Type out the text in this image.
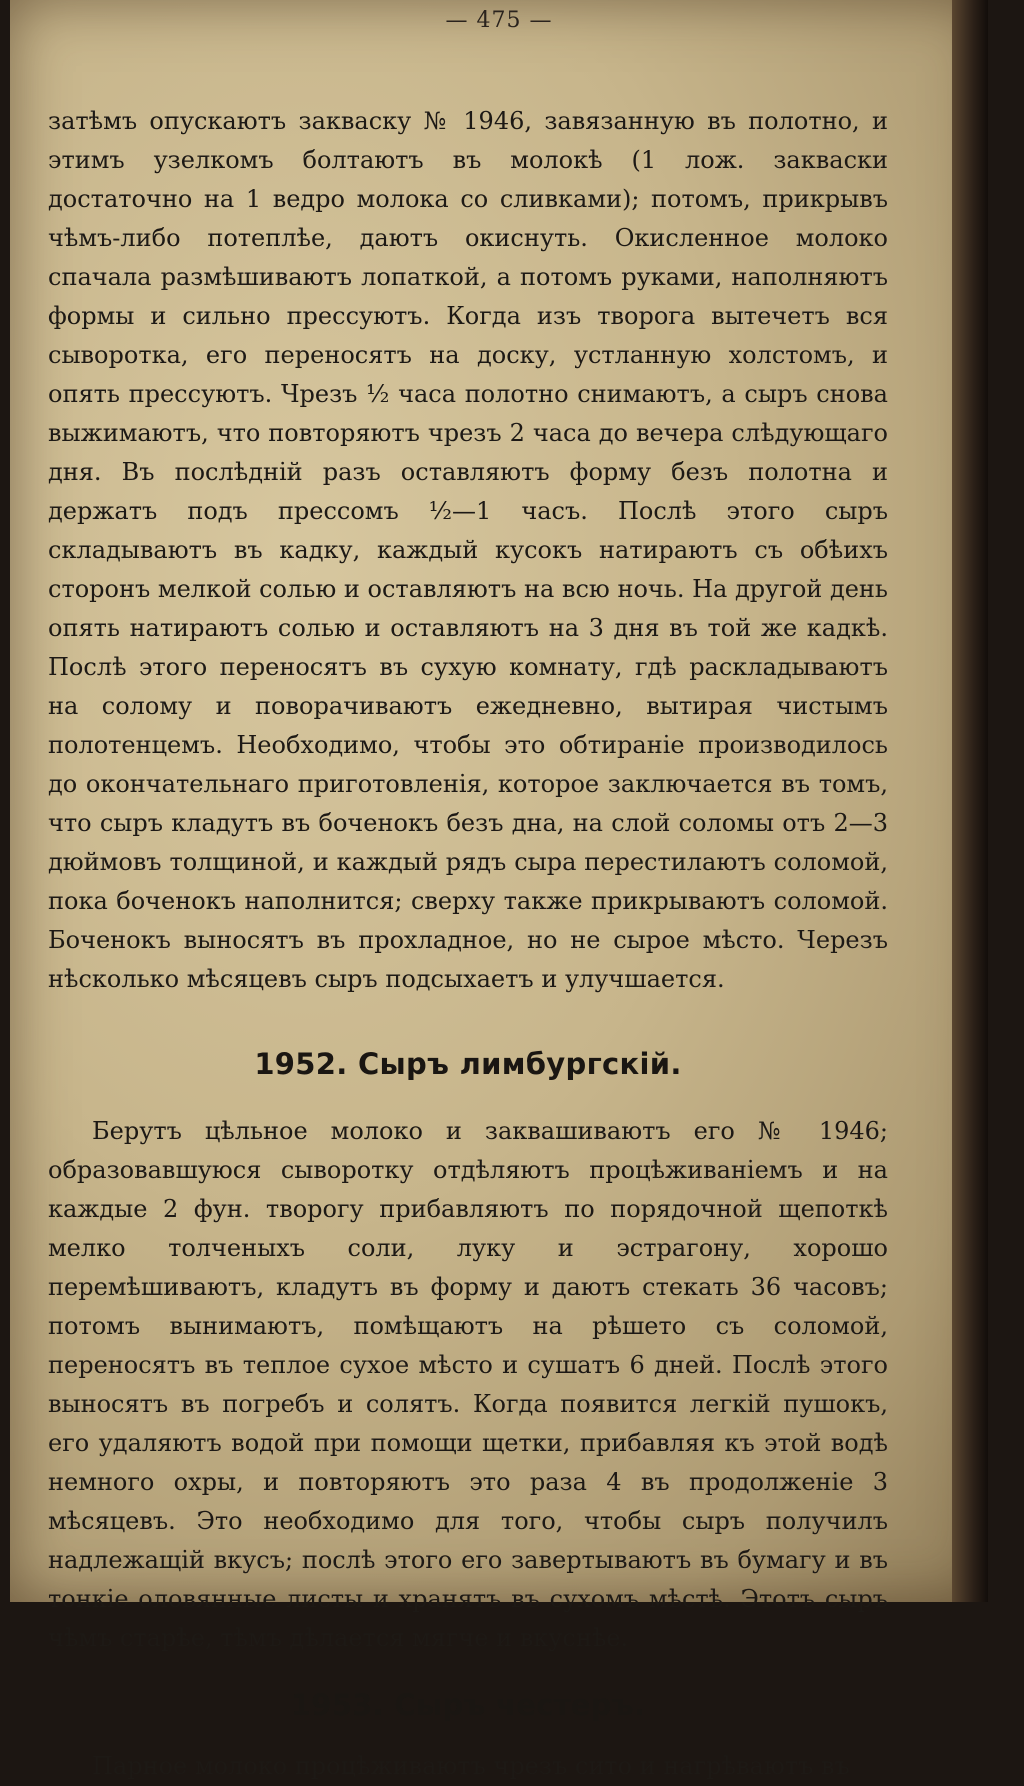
— 475 —

затѣмъ опускаютъ закваску № 1946, завязанную въ полотно, и этимъ узелкомъ болтаютъ въ молокѣ (1 лож. закваски достаточно на 1 ведро молока со сливками); потомъ, прикрывъ чѣмъ-либо потеплѣе, даютъ окиснуть. Окисленное молоко спачала размѣшиваютъ лопаткой, а потомъ руками, наполняютъ формы и сильно прессуютъ. Когда изъ творога вытечетъ вся сыворотка, его переносятъ на доску, устланную холстомъ, и опять прессуютъ. Чрезъ ½ часа полотно снимаютъ, а сыръ снова выжимаютъ, что повторяютъ чрезъ 2 часа до вечера слѣдующаго дня. Въ послѣдній разъ оставляютъ форму безъ полотна и держатъ подъ прессомъ ½—1 часъ. Послѣ этого сыръ складываютъ въ кадку, каждый кусокъ натираютъ съ обѣихъ сторонъ мелкой солью и оставляютъ на всю ночь. На другой день опять натираютъ солью и оставляютъ на 3 дня въ той же кадкѣ. Послѣ этого переносятъ въ сухую комнату, гдѣ раскладываютъ на солому и поворачиваютъ ежедневно, вытирая чистымъ полотенцемъ. Необходимо, чтобы это обтираніе производилось до окончательнаго приготовленія, которое заключается въ томъ, что сыръ кладутъ въ боченокъ безъ дна, на слой соломы отъ 2—3 дюймовъ толщиной, и каждый рядъ сыра перестилаютъ соломой, пока боченокъ наполнится; сверху также прикрываютъ соломой. Боченокъ выносятъ въ прохладное, но не сырое мѣсто. Черезъ нѣсколько мѣсяцевъ сыръ подсыхаетъ и улучшается.

1952. Сыръ лимбургскій.

Берутъ цѣльное молоко и заквашиваютъ его № 1946; образовавшуюся сыворотку отдѣляютъ процѣживаніемъ и на каждые 2 фун. творогу прибавляютъ по порядочной щепоткѣ мелко толченыхъ соли, луку и эстрагону, хорошо перемѣшиваютъ, кладутъ въ форму и даютъ стекать 36 часовъ; потомъ вынимаютъ, помѣщаютъ на рѣшето съ соломой, переносятъ въ теплое сухое мѣсто и сушатъ 6 дней. Послѣ этого выносятъ въ погребъ и солятъ. Когда появится легкій пушокъ, его удаляютъ водой при помощи щетки, прибавляя къ этой водѣ немного охры, и повторяютъ это раза 4 въ продолженіе 3 мѣсяцевъ. Это необходимо для того, чтобы сыръ получилъ надлежащій вкусъ; послѣ этого его завертываютъ въ бумагу и въ тонкіе оловянные листы и хранятъ въ сухомъ мѣстѣ. Этотъ сыръ чѣмъ старѣе, тѣмъ дѣлается мягче и вкуснѣе.

1953. Сыръ честеръ.

Парное молоко процѣживаютъ чрезъ сито и нагрѣваютъ въ
